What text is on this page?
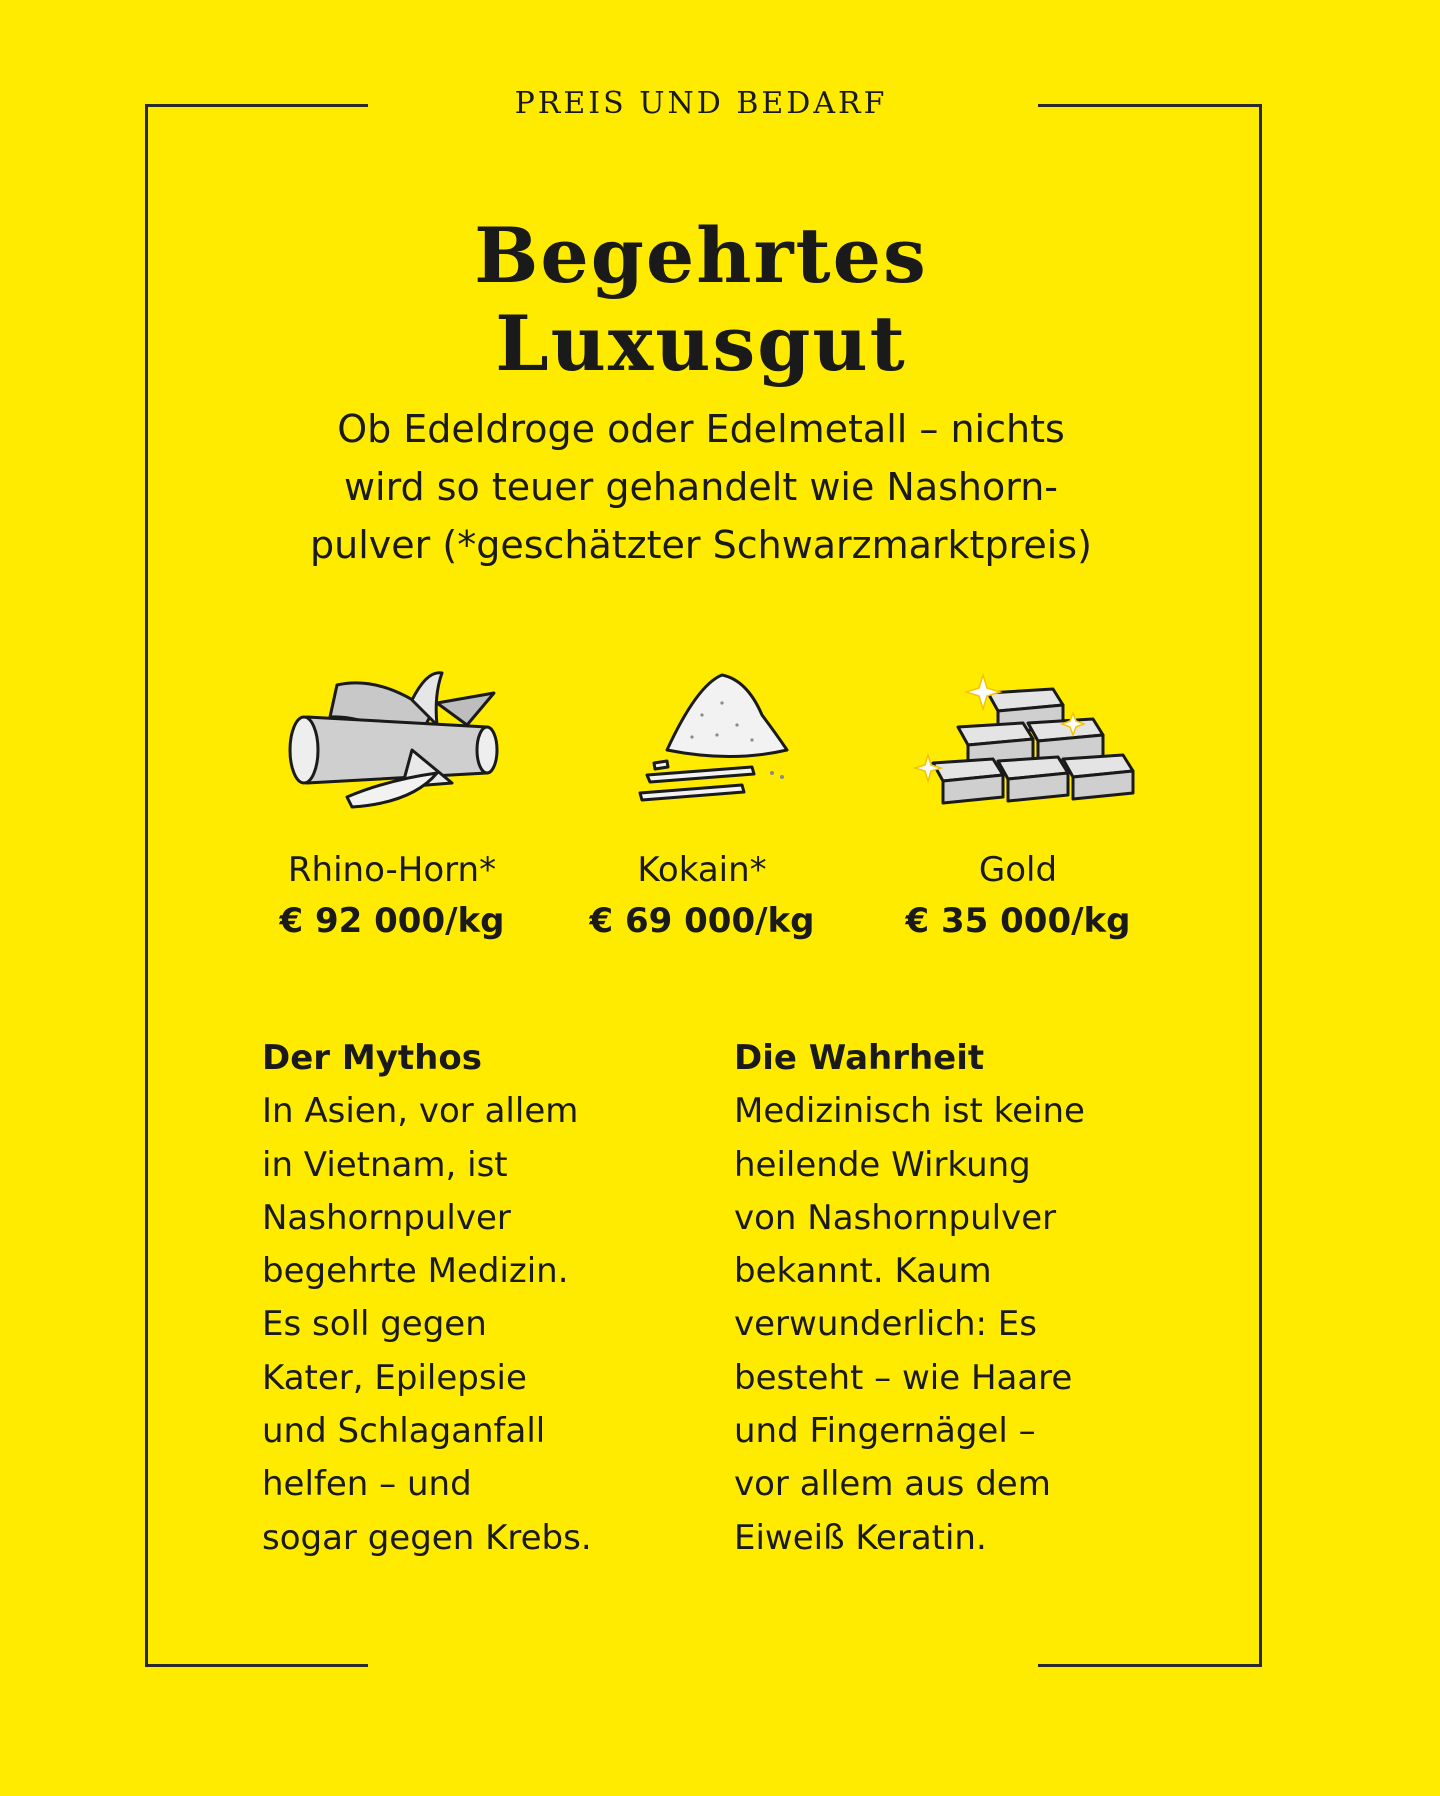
PREIS UND BEDARF
Begehrtes
Luxusgut

Ob Edeldroge oder Edelmetall – nichts
wird so teuer gehandelt wie Nashorn-
pulver (*geschätzter Schwarzmarktpreis)

Rhino-Horn*
€ 92 000/kg
Kokain*
€ 69 000/kg
Gold
€ 35 000/kg
Der Mythos

In Asien, vor allem
in Vietnam, ist
Nashornpulver
begehrte Medizin.
Es soll gegen
Kater, Epilepsie
und Schlaganfall
helfen – und
sogar gegen Krebs.

Die Wahrheit

Medizinisch ist keine
heilende Wirkung
von Nashornpulver
bekannt. Kaum
verwunderlich: Es
besteht – wie Haare
und Fingernägel –
vor allem aus dem
Eiweiß Keratin.
